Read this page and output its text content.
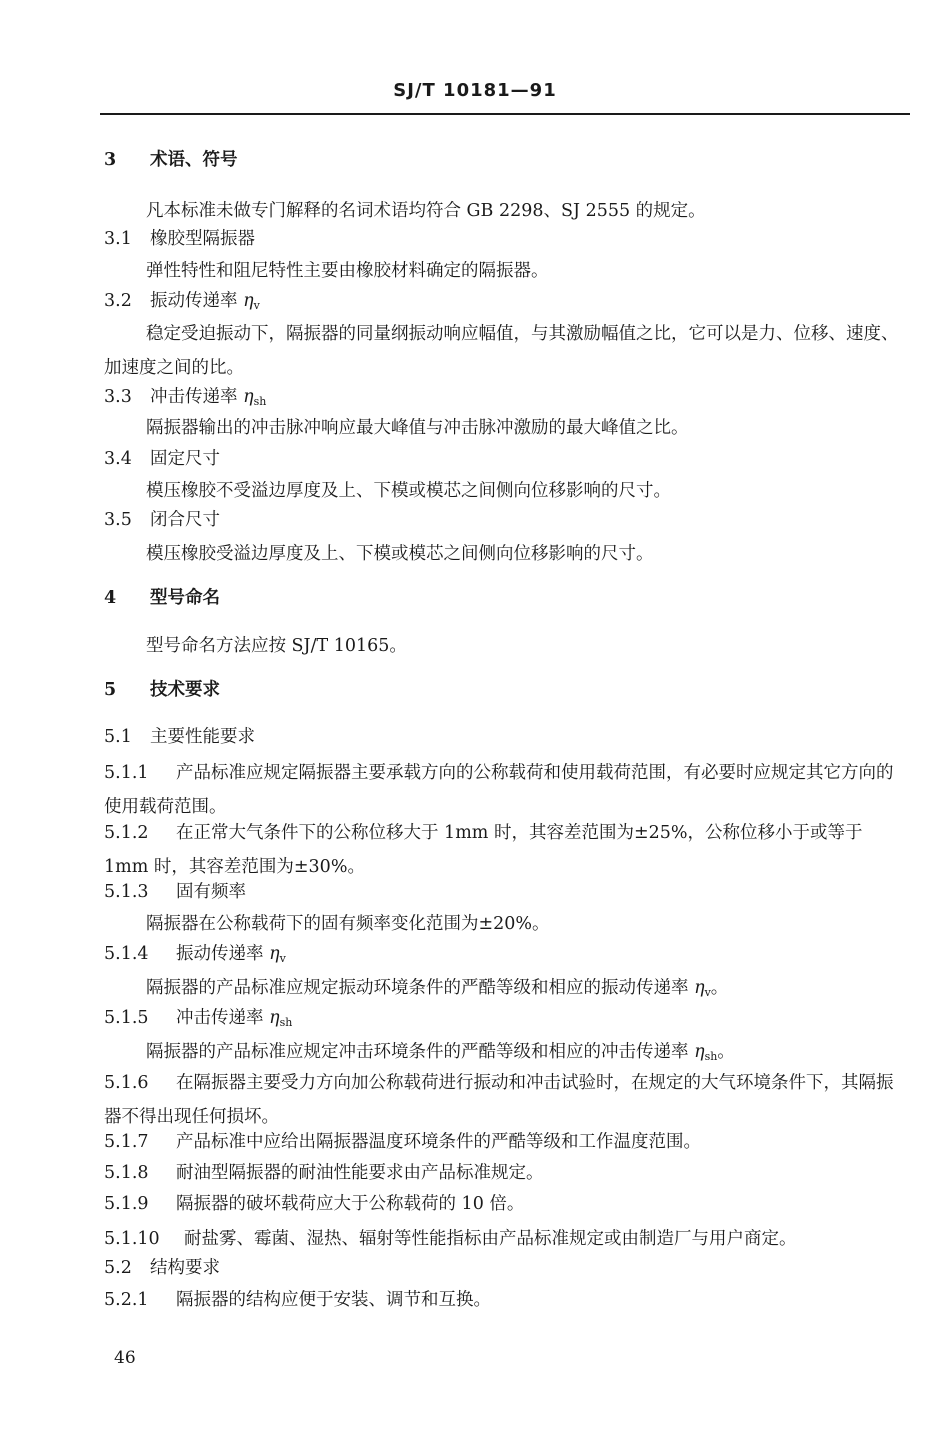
SJ/T 10181—91
3 术语、符号
凡本标准未做专门解释的名词术语均符合 GB 2298、SJ 2555 的规定。
3.1 橡胶型隔振器
弹性特性和阻尼特性主要由橡胶材料确定的隔振器。
3.2 振动传递率 $\eta_v$
稳定受迫振动下，隔振器的同量纲振动响应幅值，与其激励幅值之比，它可以是力、位移、速度、加速度之间的比。
3.3 冲击传递率 $\eta_{sh}$
隔振器输出的冲击脉冲响应最大峰值与冲击脉冲激励的最大峰值之比。
3.4 固定尺寸
模压橡胶不受溢边厚度及上、下模或模芯之间侧向位移影响的尺寸。
3.5 闭合尺寸
模压橡胶受溢边厚度及上、下模或模芯之间侧向位移影响的尺寸。
4 型号命名
型号命名方法应按 SJ/T 10165。
5 技术要求
5.1 主要性能要求
5.1.1 产品标准应规定隔振器主要承载方向的公称载荷和使用载荷范围，有必要时应规定其它方向的使用载荷范围。
5.1.2 在正常大气条件下的公称位移大于 1mm 时，其容差范围为±25%，公称位移小于或等于 1mm 时，其容差范围为±30%。
5.1.3 固有频率
隔振器在公称载荷下的固有频率变化范围为±20%。
5.1.4 振动传递率 $\eta_v$
隔振器的产品标准应规定振动环境条件的严酷等级和相应的振动传递率 $\eta_v$。
5.1.5 冲击传递率 $\eta_{sh}$
隔振器的产品标准应规定冲击环境条件的严酷等级和相应的冲击传递率 $\eta_{sh}$。
5.1.6 在隔振器主要受力方向加公称载荷进行振动和冲击试验时，在规定的大气环境条件下，其隔振器不得出现任何损坏。
5.1.7 产品标准中应给出隔振器温度环境条件的严酷等级和工作温度范围。
5.1.8 耐油型隔振器的耐油性能要求由产品标准规定。
5.1.9 隔振器的破坏载荷应大于公称载荷的 10 倍。
5.1.10 耐盐雾、霉菌、湿热、辐射等性能指标由产品标准规定或由制造厂与用户商定。
5.2 结构要求
5.2.1 隔振器的结构应便于安装、调节和互换。
46
